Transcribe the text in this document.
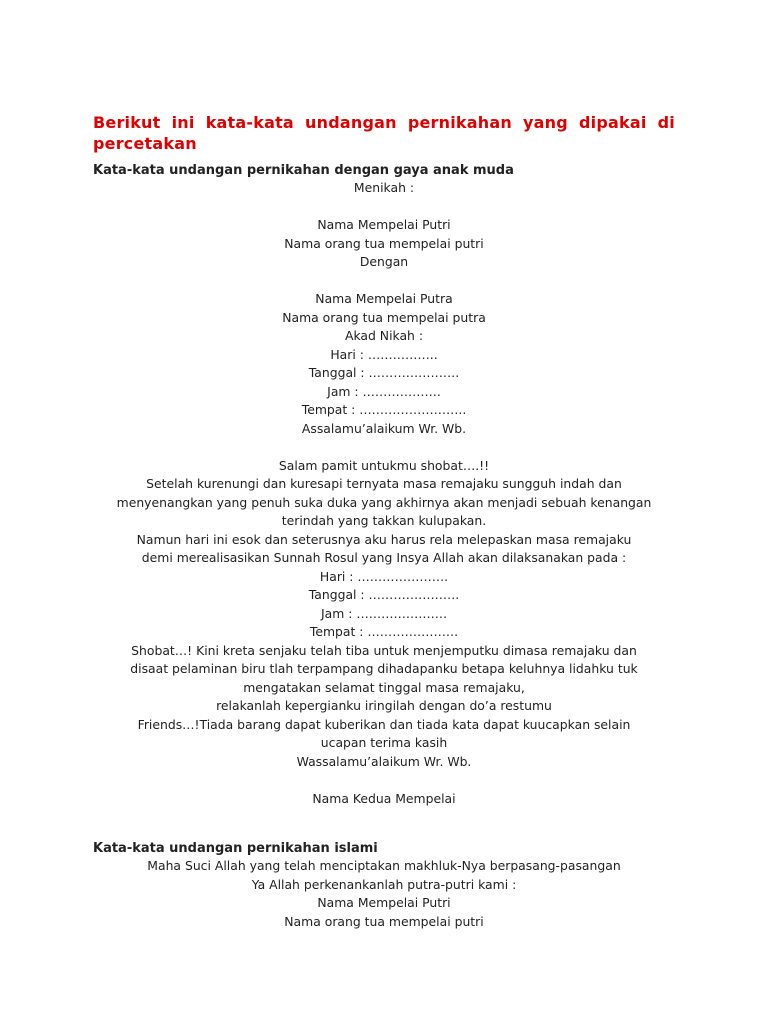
Berikut ini kata-kata undangan pernikahan yang dipakai di percetakan
Kata-kata undangan pernikahan dengan gaya anak muda
Menikah :
Nama Mempelai Putri
Nama orang tua mempelai putri
Dengan
Nama Mempelai Putra
Nama orang tua mempelai putra
Akad Nikah :
Hari : ……………..
Tanggal : ………………….
Jam : ……………….
Tempat : ……………………..
Assalamu’alaikum Wr. Wb.
Salam pamit untukmu shobat….!!
Setelah kurenungi dan kuresapi ternyata masa remajaku sungguh indah dan
menyenangkan yang penuh suka duka yang akhirnya akan menjadi sebuah kenangan
terindah yang takkan kulupakan.
Namun hari ini esok dan seterusnya aku harus rela melepaskan masa remajaku
demi merealisasikan Sunnah Rosul yang Insya Allah akan dilaksanakan pada :
Hari : ………………….
Tanggal : ………………….
Jam : ………………….
Tempat : ………………….
Shobat…! Kini kreta senjaku telah tiba untuk menjemputku dimasa remajaku dan
disaat pelaminan biru tlah terpampang dihadapanku betapa keluhnya lidahku tuk
mengatakan selamat tinggal masa remajaku,
relakanlah kepergianku iringilah dengan do’a restumu
Friends…!Tiada barang dapat kuberikan dan tiada kata dapat kuucapkan selain
ucapan terima kasih
Wassalamu’alaikum Wr. Wb.
Nama Kedua Mempelai
Kata-kata undangan pernikahan islami
Maha Suci Allah yang telah menciptakan makhluk-Nya berpasang-pasangan
Ya Allah perkenankanlah putra-putri kami :
Nama Mempelai Putri
Nama orang tua mempelai putri
